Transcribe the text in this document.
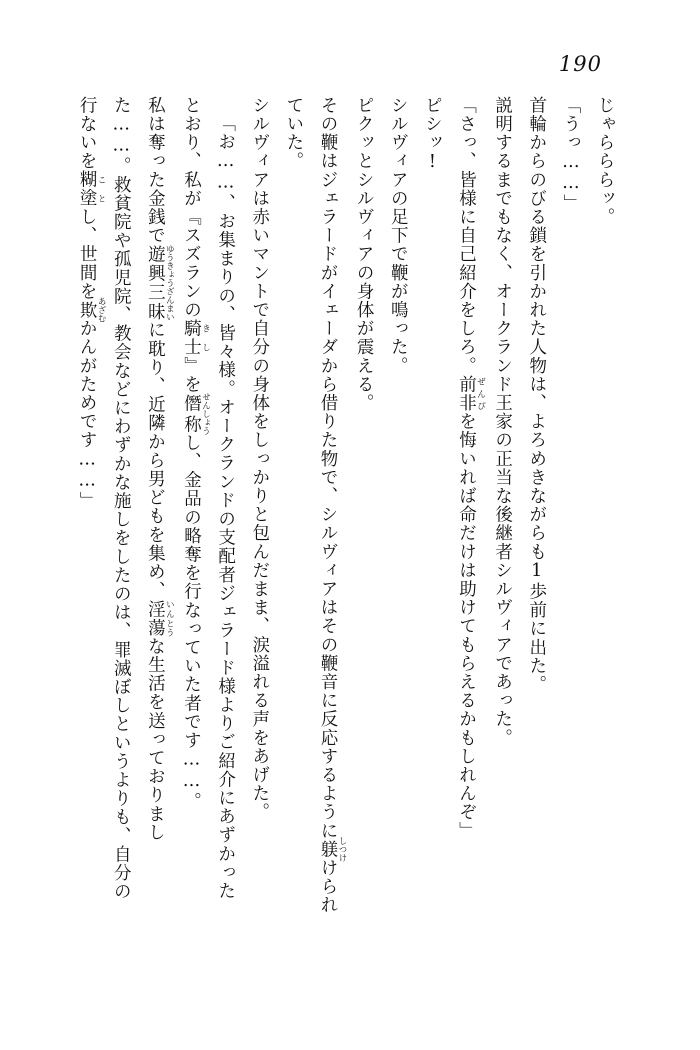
190

じゃらららッ。

「うっ……」

首輪からのびる鎖を引かれた人物は、よろめきながらも1歩前に出た。

説明するまでもなく、オークランド王家の正当な後継者シルヴィアであった。

「さっ、皆様に自己紹介をしろ。前非 ぜんぴを悔いれば命だけは助けてもらえるかもしれんぞ」

ピシッ!

シルヴィアの足下で鞭が鳴った。

ピクッとシルヴィアの身体が震える。

その鞭はジェラードがイェーダから借りた物で、シルヴィアはその鞭音に反応するように躾 しつけけられていた。

シルヴィアは赤いマントで自分の身体をしっかりと包んだまま、涙溢れる声をあげた。

「お……、お集まりの、皆々様。オークランドの支配者ジェラード様よりご紹介にあずかったとおり、私が『スズランの騎士 きし』を僭称 せんしょうし、金品の略奪を行なっていた者です……。

私は奪った金銭で遊興三昧 ゆうきょうざんまいに耽り、近隣から男どもを集め、淫蕩 いんとうな生活を送っておりました……。救貧院や孤児院、教会などにわずかな施しをしたのは、罪滅ぼしというよりも、自分の行ないを糊塗 ことし、世間を欺 あざむかんがためです……」
